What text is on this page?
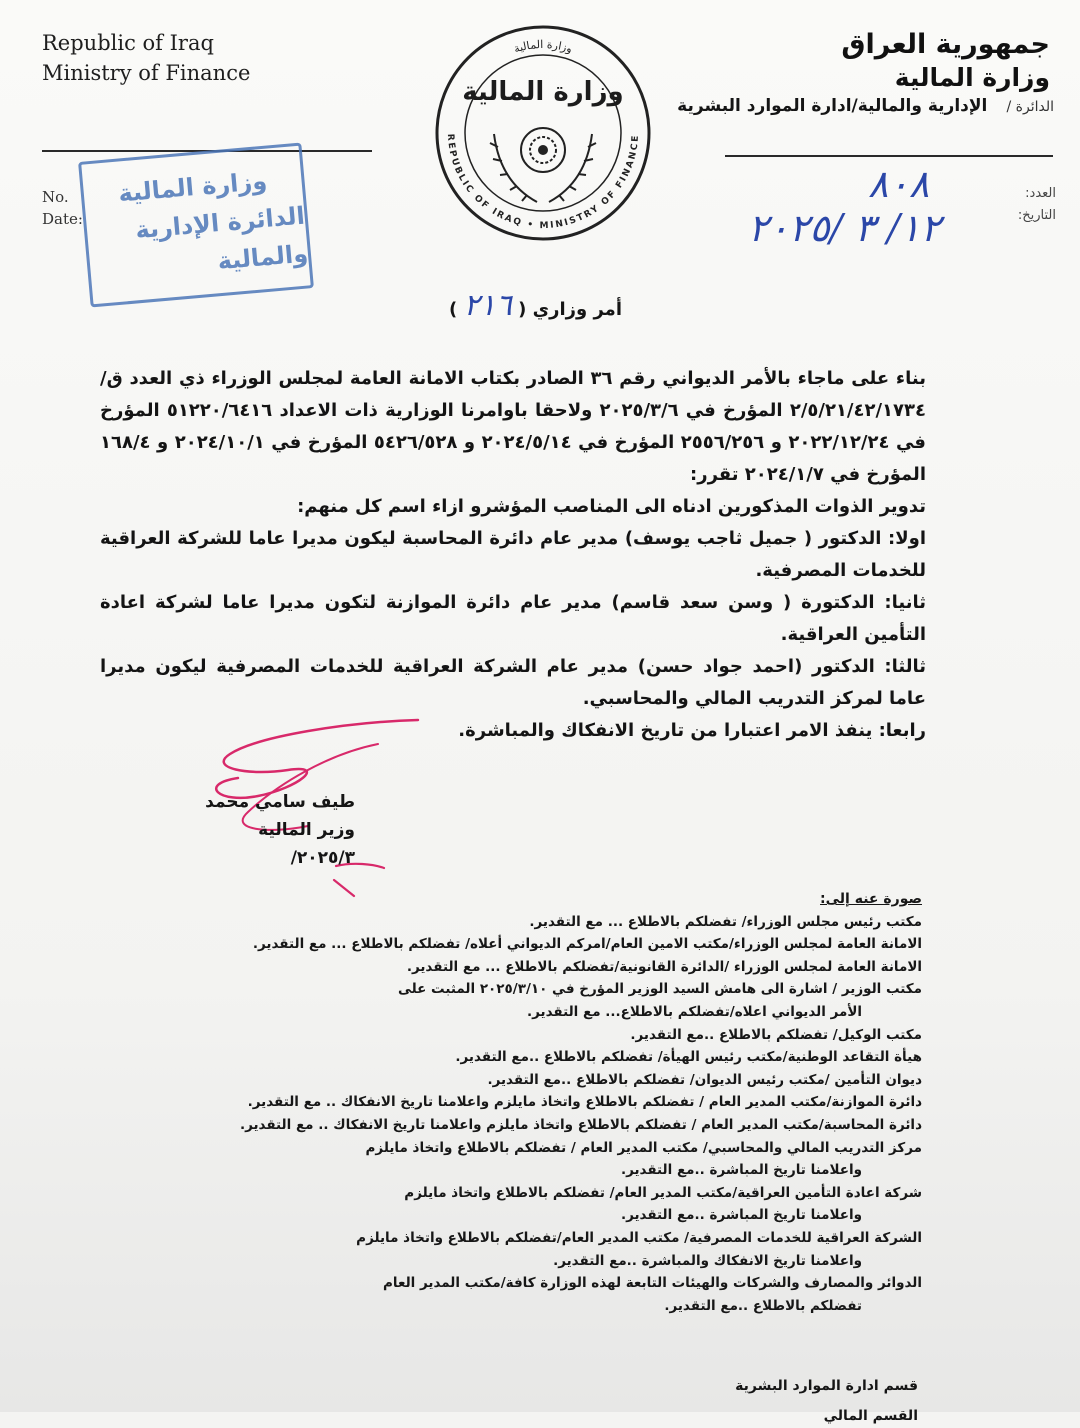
Republic of Iraq
Ministry of Finance
جمهورية العراق
وزارة المالية
الدائرة / الإدارية والمالية/ادارة الموارد البشرية
No.
Date:
وزارة المالية
الدائرة الإدارية والمالية
وزارة المالية
REPUBLIC OF IRAQ • MINISTRY OF FINANCE
وزارة المالية
العدد:
التاريخ:
٨٠٨
١٢/ ٣ /٢٠٢٥
أمر وزاري ( ٢١٦ )

بناء على ماجاء بالأمر الديواني رقم ٣٦ الصادر بكتاب الامانة العامة لمجلس الوزراء ذي العدد ق/٢/٥/٢١/٤٢/١٧٣٤ المؤرخ في ٢٠٢٥/٣/٦ ولاحقا باوامرنا الوزارية ذات الاعداد ٥١٢٢٠/٦٤١٦ المؤرخ في ٢٠٢٢/١٢/٢٤ و ٢٥٥٦/٢٥٦ المؤرخ في ٢٠٢٤/٥/١٤ و ٥٤٢٦/٥٢٨ المؤرخ في ٢٠٢٤/١٠/١ و ١٦٨/٤ المؤرخ في ٢٠٢٤/١/٧ تقرر:

تدوير الذوات المذكورين ادناه الى المناصب المؤشرو ازاء اسم كل منهم:

اولا: الدكتور ( جميل ثاجب يوسف) مدير عام دائرة المحاسبة ليكون مديرا عاما للشركة العراقية للخدمات المصرفية.

ثانيا: الدكتورة ( وسن سعد قاسم) مدير عام دائرة الموازنة لتكون مديرا عاما لشركة اعادة التأمين العراقية.

ثالثا: الدكتور (احمد جواد حسن) مدير عام الشركة العراقية للخدمات المصرفية ليكون مديرا عاما لمركز التدريب المالي والمحاسبي.

رابعا: ينفذ الامر اعتبارا من تاريخ الانفكاك والمباشرة.

طيف سامي محمد
وزير المالية
٢٠٢٥/٣/
صورة عنه إلى:
مكتب رئيس مجلس الوزراء/ تفضلكم بالاطلاع ... مع التقدير.
الامانة العامة لمجلس الوزراء/مكتب الامين العام/امركم الديواني أعلاه/ تفضلكم بالاطلاع ... مع التقدير.
الامانة العامة لمجلس الوزراء /الدائرة القانونية/تفضلكم بالاطلاع ... مع التقدير.
مكتب الوزير / اشارة الى هامش السيد الوزير المؤرخ في ٢٠٢٥/٣/١٠ المثبت على
الأمر الديواني اعلاه/تفضلكم بالاطلاع... مع التقدير.
مكتب الوكيل/ تفضلكم بالاطلاع ..مع التقدير.
هيأة التقاعد الوطنية/مكتب رئيس الهيأة/ تفضلكم بالاطلاع ..مع التقدير.
ديوان التأمين /مكتب رئيس الديوان/ تفضلكم بالاطلاع ..مع التقدير.
دائرة الموازنة/مكتب المدير العام / تفضلكم بالاطلاع واتخاذ مايلزم واعلامنا تاريخ الانفكاك .. مع التقدير.
دائرة المحاسبة/مكتب المدير العام / تفضلكم بالاطلاع واتخاذ مايلزم واعلامنا تاريخ الانفكاك .. مع التقدير.
مركز التدريب المالي والمحاسبي/ مكتب المدير العام / تفضلكم بالاطلاع واتخاذ مايلزم
واعلامنا تاريخ المباشرة ..مع التقدير.
شركة اعادة التأمين العراقية/مكتب المدير العام/ تفضلكم بالاطلاع واتخاذ مايلزم
واعلامنا تاريخ المباشرة ..مع التقدير.
الشركة العراقية للخدمات المصرفية/ مكتب المدير العام/تفضلكم بالاطلاع واتخاذ مايلزم
واعلامنا تاريخ الانفكاك والمباشرة ..مع التقدير.
الدوائر والمصارف والشركات والهيئات التابعة لهذه الوزارة كافة/مكتب المدير العام
تفضلكم بالاطلاع ..مع التقدير.
قسم ادارة الموارد البشرية
القسم المالي
